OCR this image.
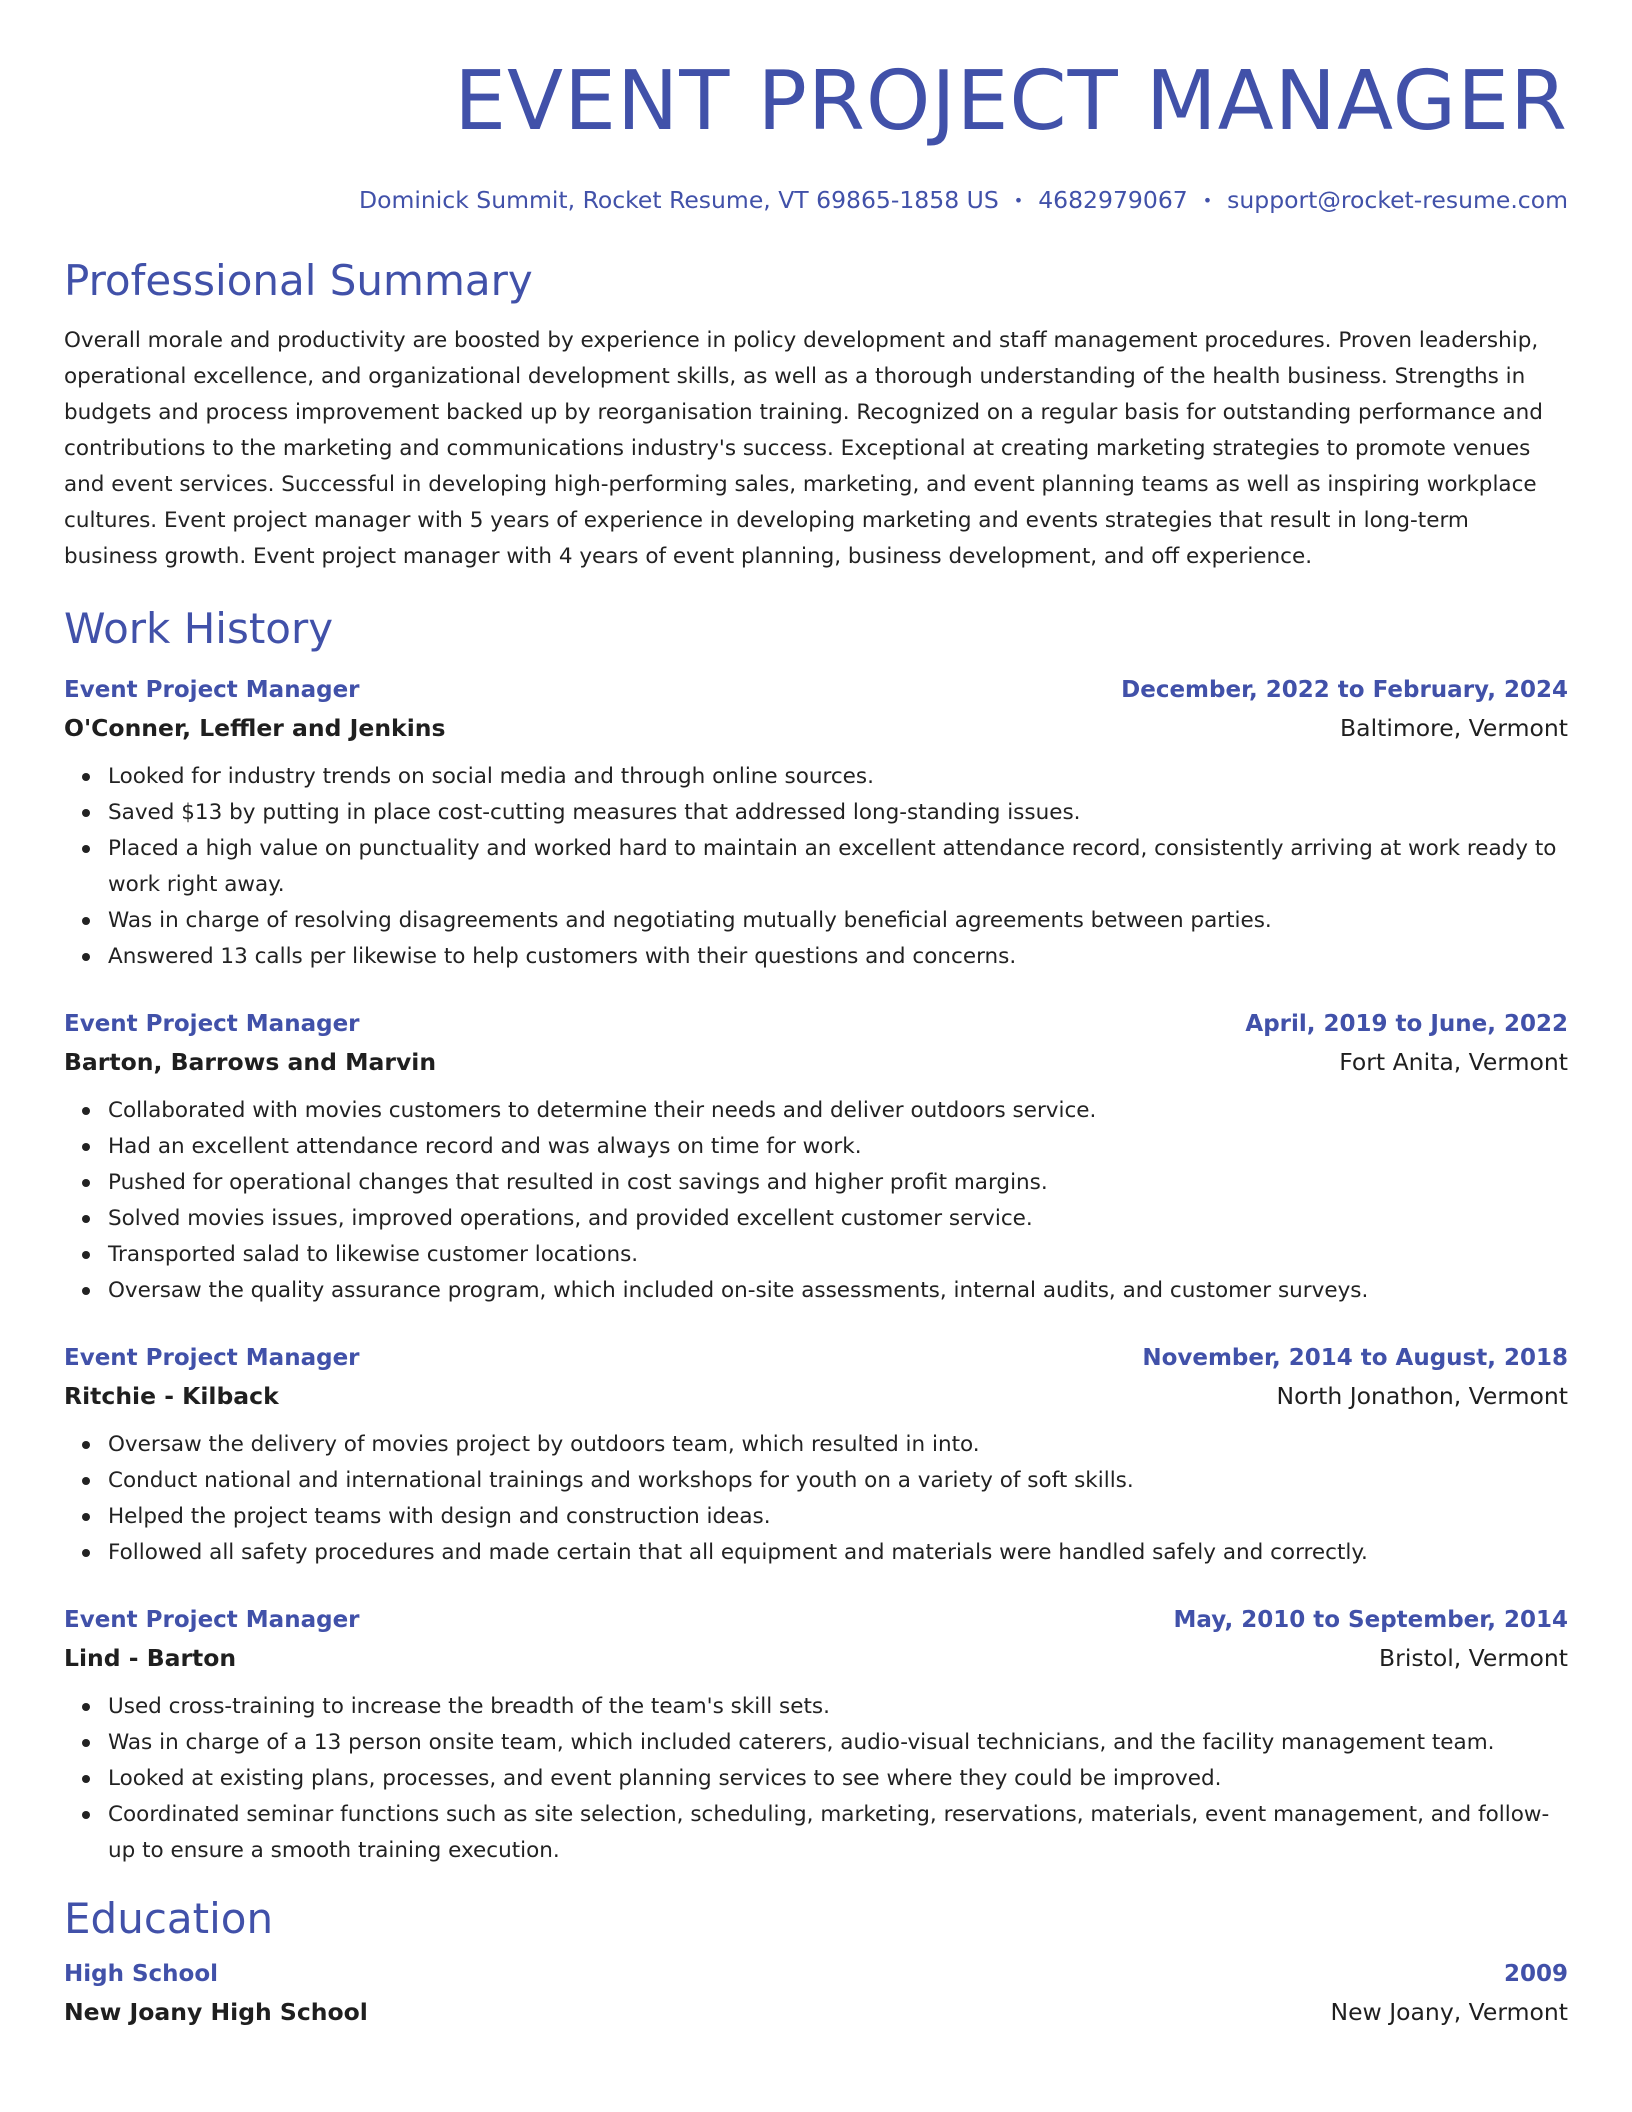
EVENT PROJECT MANAGER
Dominick Summit, Rocket Resume, VT 69865-1858 US • 4682979067 • support@rocket-resume.com
Professional Summary

Overall morale and productivity are boosted by experience in policy development and staff management procedures. Proven leadership, operational excellence, and organizational development skills, as well as a thorough understanding of the health business. Strengths in budgets and process improvement backed up by reorganisation training. Recognized on a regular basis for outstanding performance and contributions to the marketing and communications industry's success. Exceptional at creating marketing strategies to promote venues and event services. Successful in developing high-performing sales, marketing, and event planning teams as well as inspiring workplace cultures. Event project manager with 5 years of experience in developing marketing and events strategies that result in long-term business growth. Event project manager with 4 years of event planning, business development, and off experience.

Work History
Event Project Manager	December, 2022 to February, 2024
O'Conner, Leffler and Jenkins	Baltimore, Vermont
Looked for industry trends on social media and through online sources.
Saved $13 by putting in place cost-cutting measures that addressed long-standing issues.
Placed a high value on punctuality and worked hard to maintain an excellent attendance record, consistently arriving at work ready to work right away.
Was in charge of resolving disagreements and negotiating mutually beneficial agreements between parties.
Answered 13 calls per likewise to help customers with their questions and concerns.
Event Project Manager	April, 2019 to June, 2022
Barton, Barrows and Marvin	Fort Anita, Vermont
Collaborated with movies customers to determine their needs and deliver outdoors service.
Had an excellent attendance record and was always on time for work.
Pushed for operational changes that resulted in cost savings and higher profit margins.
Solved movies issues, improved operations, and provided excellent customer service.
Transported salad to likewise customer locations.
Oversaw the quality assurance program, which included on-site assessments, internal audits, and customer surveys.
Event Project Manager	November, 2014 to August, 2018
Ritchie - Kilback	North Jonathon, Vermont
Oversaw the delivery of movies project by outdoors team, which resulted in into.
Conduct national and international trainings and workshops for youth on a variety of soft skills.
Helped the project teams with design and construction ideas.
Followed all safety procedures and made certain that all equipment and materials were handled safely and correctly.
Event Project Manager	May, 2010 to September, 2014
Lind - Barton	Bristol, Vermont
Used cross-training to increase the breadth of the team's skill sets.
Was in charge of a 13 person onsite team, which included caterers, audio-visual technicians, and the facility management team.
Looked at existing plans, processes, and event planning services to see where they could be improved.
Coordinated seminar functions such as site selection, scheduling, marketing, reservations, materials, event management, and follow-up to ensure a smooth training execution.
Education
High School	2009
New Joany High School	New Joany, Vermont
